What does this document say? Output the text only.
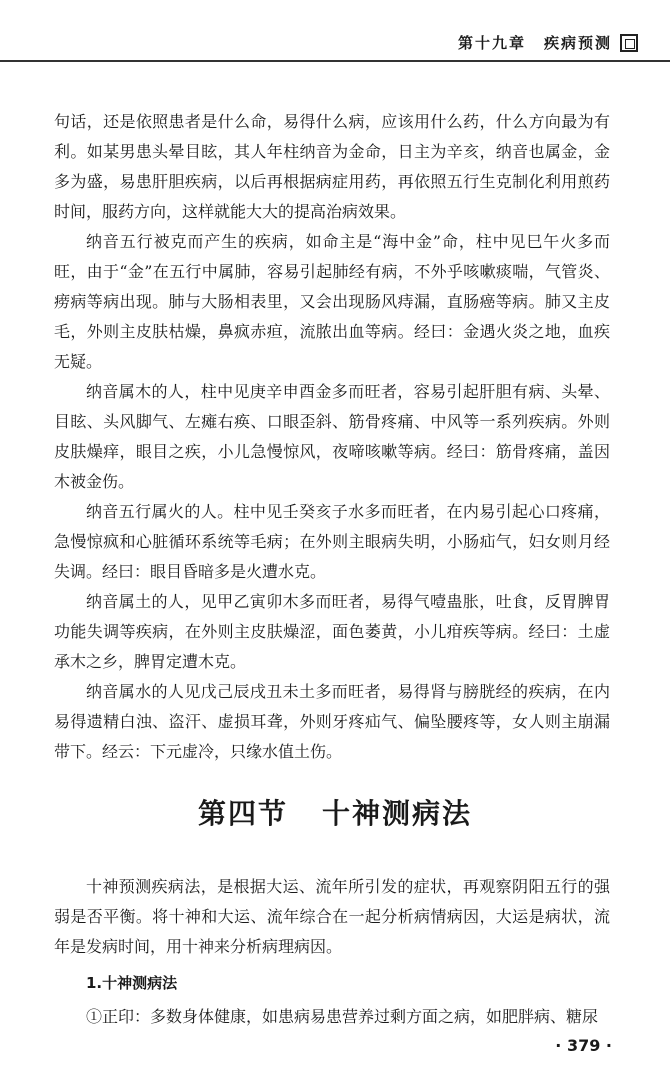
第十九章 疾病预测

句话，还是依照患者是什么命，易得什么病，应该用什么药，什么方向最为有利。如某男患头晕目眩，其人年柱纳音为金命，日主为辛亥，纳音也属金，金多为盛，易患肝胆疾病，以后再根据病症用药，再依照五行生克制化利用煎药时间，服药方向，这样就能大大的提高治病效果。

纳音五行被克而产生的疾病，如命主是“海中金”命，柱中见巳午火多而旺，由于“金”在五行中属肺，容易引起肺经有病，不外乎咳嗽痰喘，气管炎、痨病等病出现。肺与大肠相表里，又会出现肠风痔漏，直肠癌等病。肺又主皮毛，外则主皮肤枯燥，鼻疯赤疸，流脓出血等病。经曰：金遇火炎之地，血疾无疑。

纳音属木的人，柱中见庚辛申酉金多而旺者，容易引起肝胆有病、头晕、目眩、头风脚气、左瘫右痪、口眼歪斜、筋骨疼痛、中风等一系列疾病。外则皮肤燥痒，眼目之疾，小儿急慢惊风，夜啼咳嗽等病。经曰：筋骨疼痛，盖因木被金伤。

纳音五行属火的人。柱中见壬癸亥子水多而旺者，在内易引起心口疼痛，急慢惊疯和心脏循环系统等毛病；在外则主眼病失明，小肠疝气，妇女则月经失调。经曰：眼目昏暗多是火遭水克。

纳音属土的人，见甲乙寅卯木多而旺者，易得气噎蛊胀，吐食，反胃脾胃功能失调等疾病，在外则主皮肤燥涩，面色萎黄，小儿疳疾等病。经曰：土虚承木之乡，脾胃定遭木克。

纳音属水的人见戊己辰戌丑未土多而旺者，易得肾与膀胱经的疾病，在内易得遗精白浊、盗汗、虚损耳聋，外则牙疼疝气、偏坠腰疼等，女人则主崩漏带下。经云：下元虚冷，只缘水值土伤。

第四节 十神测病法

十神预测疾病法，是根据大运、流年所引发的症状，再观察阴阳五行的强弱是否平衡。将十神和大运、流年综合在一起分析病情病因，大运是病状，流年是发病时间，用十神来分析病理病因。

1.十神测病法

①正印：多数身体健康，如患病易患营养过剩方面之病，如肥胖病、糖尿

· 379 ·
